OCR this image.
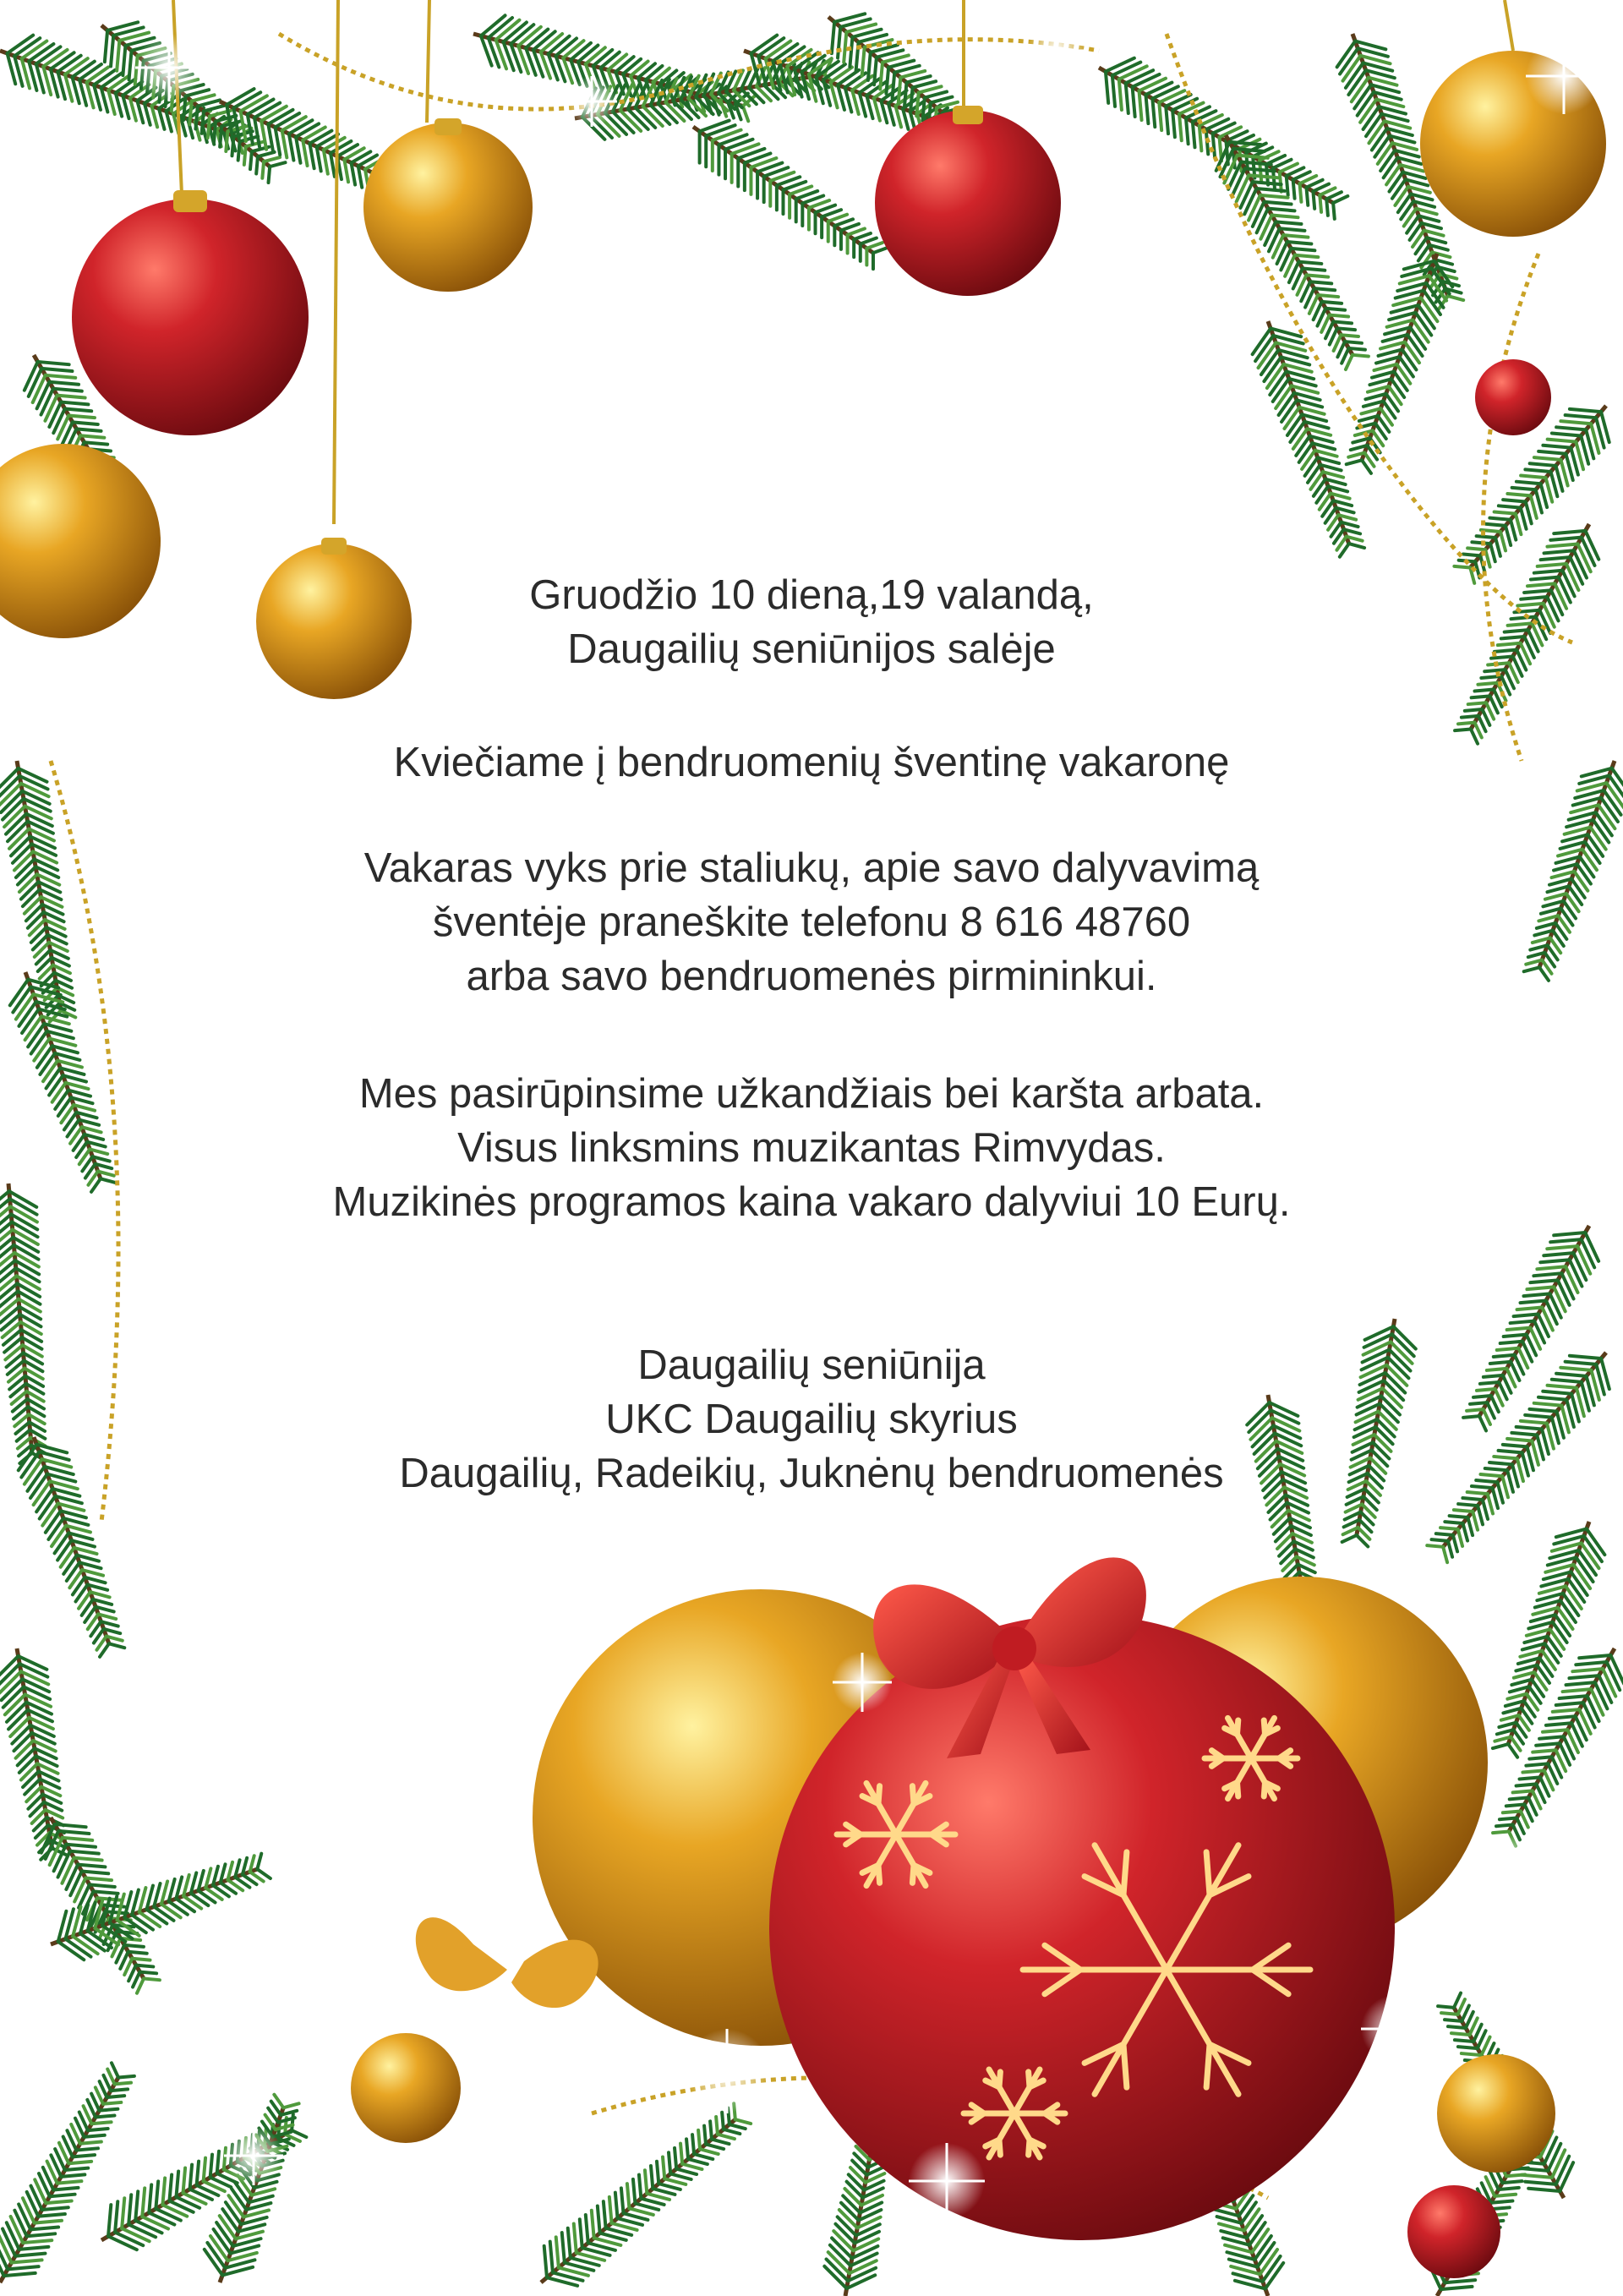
Gruodžio 10 dieną,19 valandą,
Daugailių seniūnijos salėje
Kviečiame į bendruomenių šventinę vakaronę
Vakaras vyks prie staliukų, apie savo dalyvavimą
šventėje praneškite telefonu 8 616 48760
arba savo bendruomenės pirmininkui.
Mes pasirūpinsime užkandžiais bei karšta arbata.
Visus linksmins muzikantas Rimvydas.
Muzikinės programos kaina vakaro dalyviui 10 Eurų.
Daugailių seniūnija
UKC Daugailių skyrius
Daugailių, Radeikių, Juknėnų bendruomenės
